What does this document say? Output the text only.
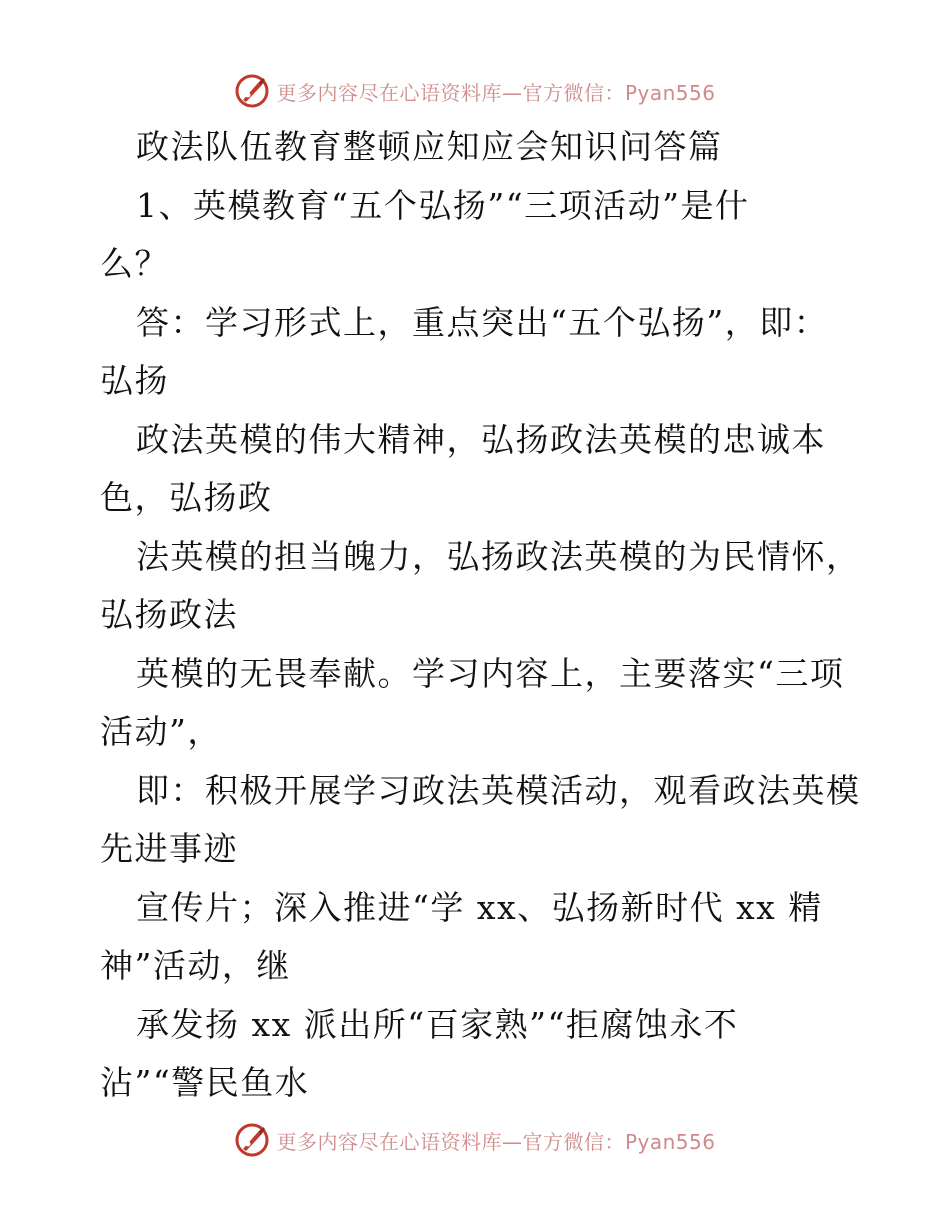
更多内容尽在心语资料库—官方微信：Pyan556
政法队伍教育整顿应知应会知识问答篇
1、英模教育“五个弘扬”“三项活动”是什
么？
答：学习形式上，重点突出“五个弘扬”，即：
弘扬
政法英模的伟大精神，弘扬政法英模的忠诚本
色，弘扬政
法英模的担当魄力，弘扬政法英模的为民情怀，
弘扬政法
英模的无畏奉献。学习内容上，主要落实“三项
活动”，
即：积极开展学习政法英模活动，观看政法英模
先进事迹
宣传片；深入推进“学 xx、弘扬新时代 xx 精
神”活动，继
承发扬 xx 派出所“百家熟”“拒腐蚀永不
沾”“警民鱼水
更多内容尽在心语资料库—官方微信：Pyan556
